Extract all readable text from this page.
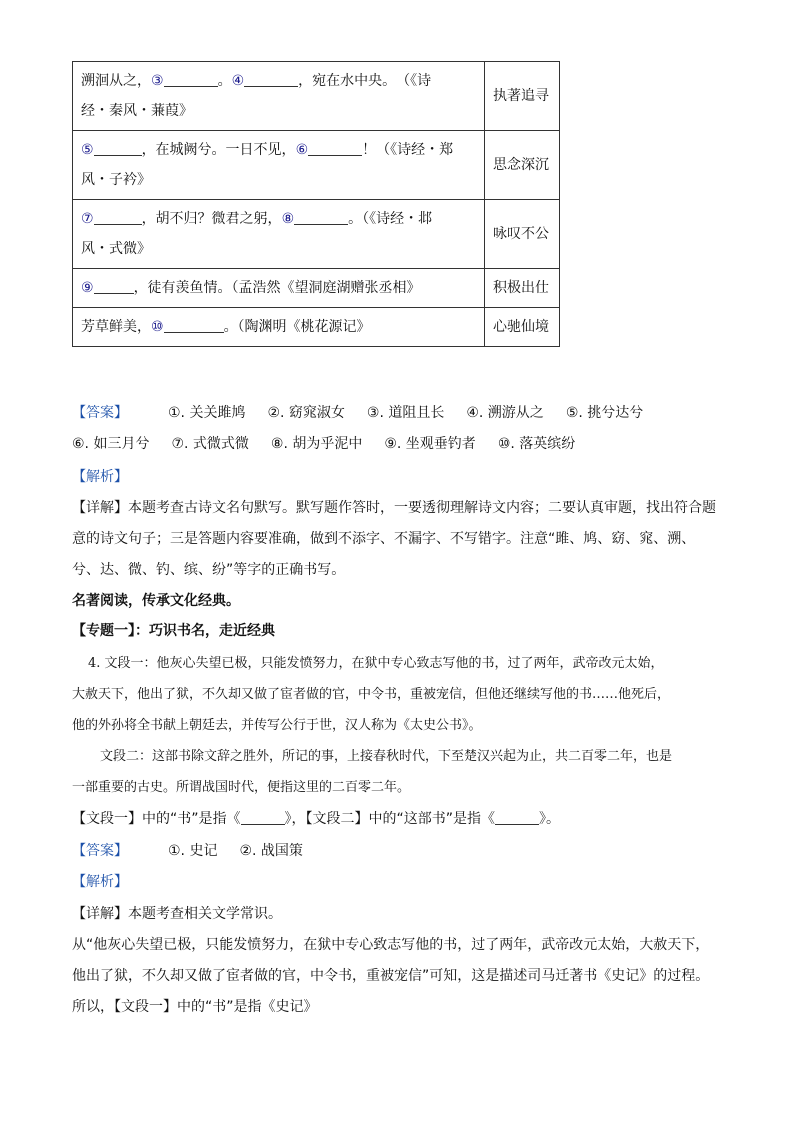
溯洄从之，③ 。④ ，宛在水中央。　（《诗
经・秦风・蒹葭》	执著追寻
⑤ ，在城阙兮。一日不见，⑥ ！（《诗经・郑
风・子衿》	思念深沉
⑦ ，胡不归？微君之躬，⑧ 。（《诗经・邶
风・式微》	咏叹不公
⑨ ，徒有羡鱼情。（孟浩然《望洞庭湖赠张丞相》	积极出仕
芳草鲜美，⑩ 。（陶渊明《桃花源记》	心驰仙境
【答案】	①. 关关雎鸠 ②. 窈窕淑女 ③. 道阻且长 ④. 溯游从之 ⑤. 挑兮达兮
⑥. 如三月兮 ⑦. 式微式微 ⑧. 胡为乎泥中 ⑨. 坐观垂钓者 ⑩. 落英缤纷
【解析】
【详解】本题考查古诗文名句默写。默写题作答时，一要透彻理解诗文内容；二要认真审题，找出符合题
意的诗文句子；三是答题内容要准确，做到不添字、不漏字、不写错字。注意“雎、鸠、窈、窕、溯、
兮、达、微、钓、缤、纷”等字的正确书写。
名著阅读，传承文化经典。
【专题一】：巧识书名，走近经典
4. 文段一：他灰心失望已极，只能发愤努力，在狱中专心致志写他的书，过了两年，武帝改元太始，
大赦天下，他出了狱，不久却又做了宦者做的官，中令书，重被宠信，但他还继续写他的书……他死后，
他的外孙将全书献上朝廷去，并传写公行于世，汉人称为《太史公书》。
文段二：这部书除文辞之胜外，所记的事，上接春秋时代，下至楚汉兴起为止，共二百零二年，也是
一部重要的古史。所谓战国时代，便指这里的二百零二年。
【文段一】中的“书”是指《	》，【文段二】中的“这部书”是指《	》。
【答案】	①. 史记 ②. 战国策
【解析】
【详解】本题考查相关文学常识。
从“他灰心失望已极，只能发愤努力，在狱中专心致志写他的书，过了两年，武帝改元太始，大赦天下，
他出了狱，不久却又做了宦者做的官，中令书，重被宠信”可知，这是描述司马迁著书《史记》的过程。
所以，【文段一】中的“书”是指《史记》
